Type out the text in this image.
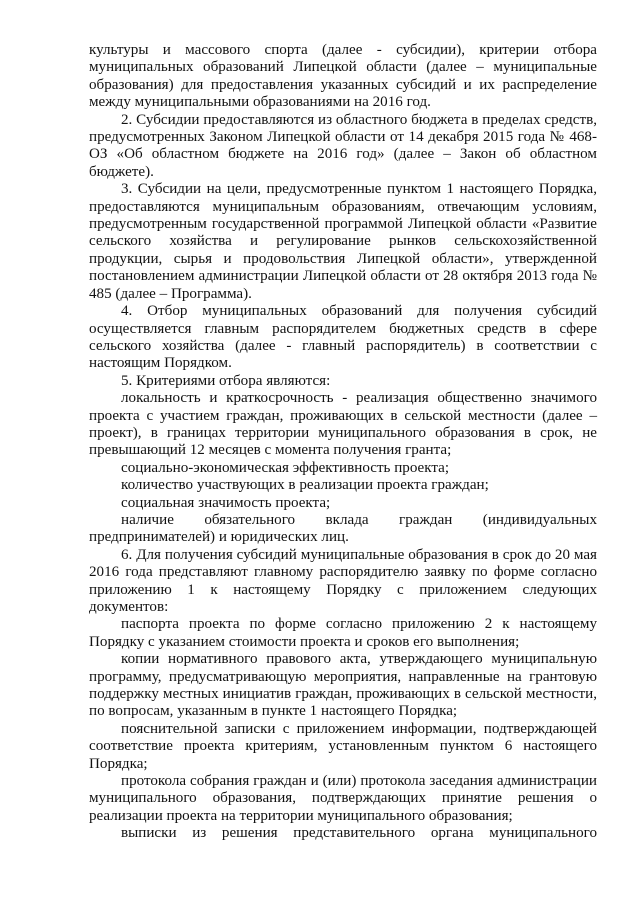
культуры и массового спорта (далее - субсидии), критерии отбора муниципальных образований Липецкой области (далее – муниципальные образования) для предоставления указанных субсидий и их распределение между муниципальными образованиями на 2016 год.

2. Субсидии предоставляются из областного бюджета в пределах средств, предусмотренных Законом Липецкой области от 14 декабря 2015 года № 468-ОЗ «Об областном бюджете на 2016 год» (далее – Закон об областном бюджете).

3. Субсидии на цели, предусмотренные пунктом 1 настоящего Порядка, предоставляются муниципальным образованиям, отвечающим условиям, предусмотренным государственной программой Липецкой области «Развитие сельского хозяйства и регулирование рынков сельскохозяйственной продукции, сырья и продовольствия Липецкой области», утвержденной постановлением администрации Липецкой области от 28 октября 2013 года № 485 (далее – Программа).

4. Отбор муниципальных образований для получения субсидий осуществляется главным распорядителем бюджетных средств в сфере сельского хозяйства (далее - главный распорядитель) в соответствии с настоящим Порядком.

5. Критериями отбора являются:

локальность и краткосрочность - реализация общественно значимого проекта с участием граждан, проживающих в сельской местности (далее – проект), в границах территории муниципального образования в срок, не превышающий 12 месяцев с момента получения гранта;

социально-экономическая эффективность проекта;

количество участвующих в реализации проекта граждан;

социальная значимость проекта;

наличие обязательного вклада граждан (индивидуальных предпринимателей) и юридических лиц.

6. Для получения субсидий муниципальные образования в срок до 20 мая 2016 года представляют главному распорядителю заявку по форме согласно приложению 1 к настоящему Порядку с приложением следующих документов:

паспорта проекта по форме согласно приложению 2 к настоящему Порядку с указанием стоимости проекта и сроков его выполнения;

копии нормативного правового акта, утверждающего муниципальную программу, предусматривающую мероприятия, направленные на грантовую поддержку местных инициатив граждан, проживающих в сельской местности, по вопросам, указанным в пункте 1 настоящего Порядка;

пояснительной записки с приложением информации, подтверждающей соответствие проекта критериям, установленным пунктом 6 настоящего Порядка;

протокола собрания граждан и (или) протокола заседания администрации муниципального образования, подтверждающих принятие решения о реализации проекта на территории муниципального образования;

выписки из решения представительного органа муниципального
